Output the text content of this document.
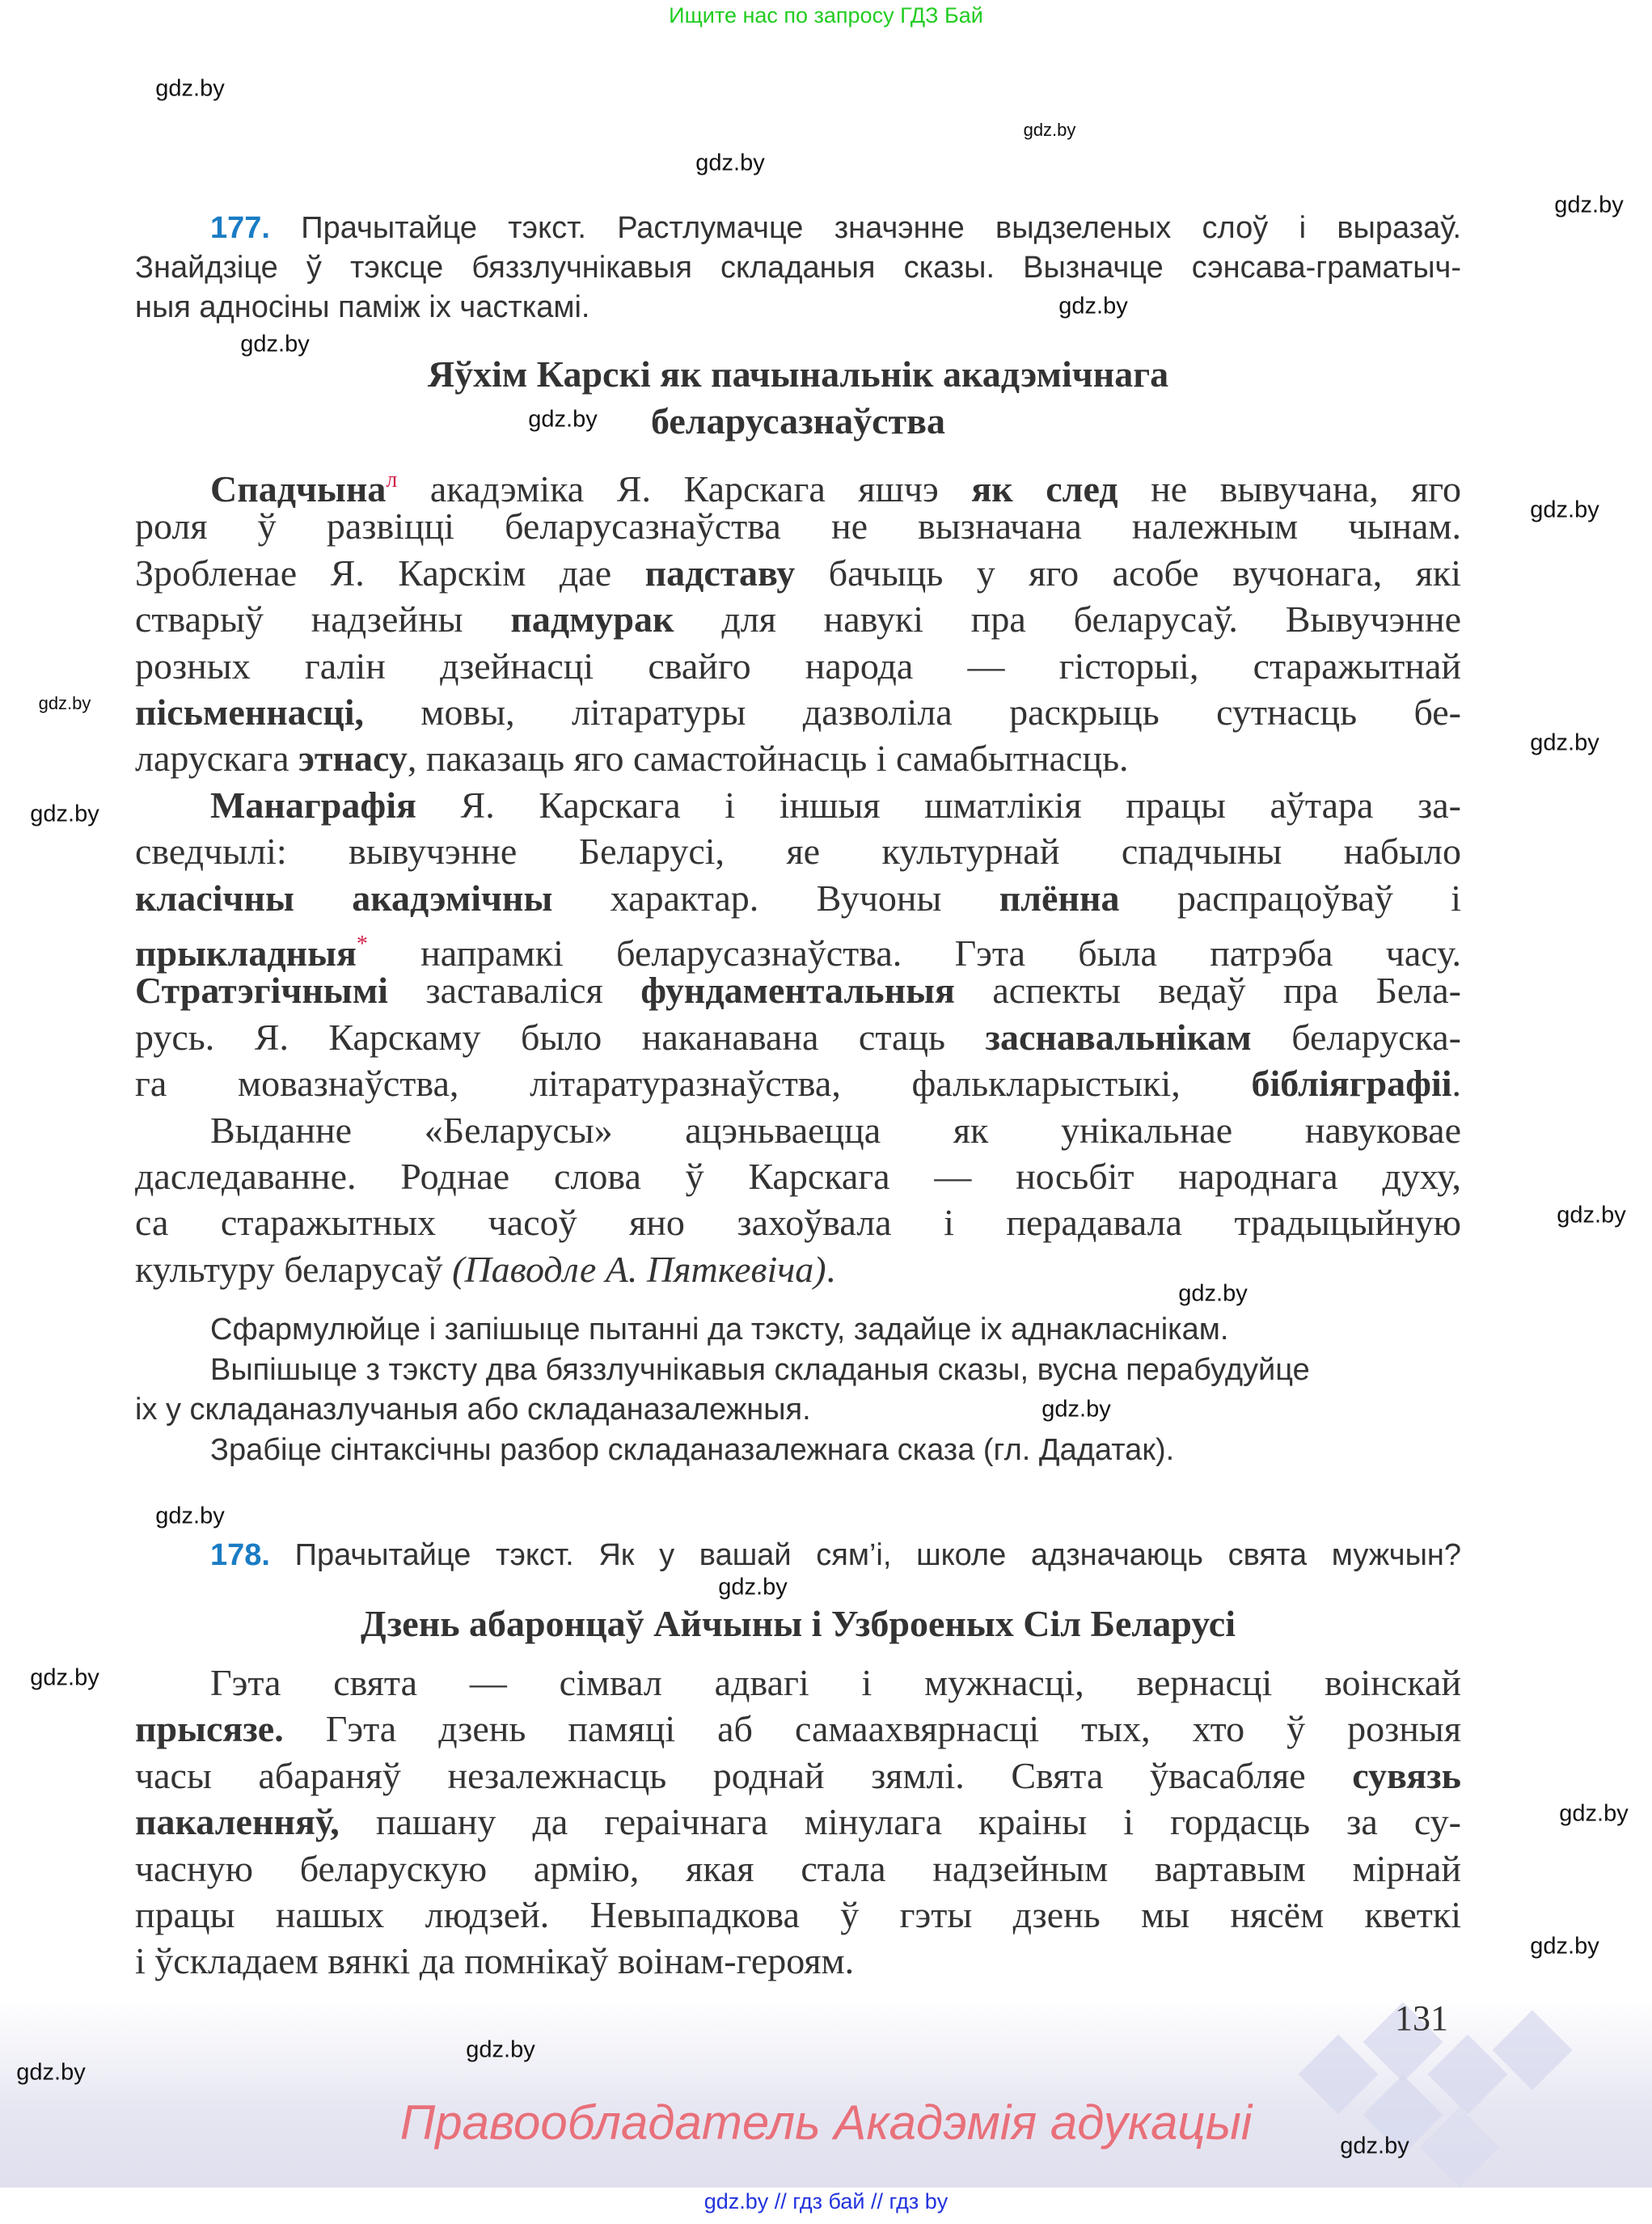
Ищите нас по запросу ГДЗ Бай
177. Прачытайце тэкст. Растлумачце значэнне выдзеленых слоў і выразаў.
Знайдзіце ў тэксце бяззлучнікавыя складаныя сказы. Вызначце сэнсава-граматыч-
ныя адносіны паміж іх часткамі.
Яўхім Карскі як пачынальнік акадэмічнага
беларусазнаўства
Спадчына$^л$ акадэміка Я. Карскага яшчэ як след не вывучана, яго
роля ў развіцці беларусазнаўства не вызначана належным чынам.
Зробленае Я. Карскім дае падставу бачыць у яго асобе вучонага, які
стварыў надзейны падмурак для навукі пра беларусаў. Вывучэнне
розных галін дзейнасці свайго народа — гісторыі, старажытнай
пісьменнасці, мовы, літаратуры дазволіла раскрыць сутнасць бе-
ларускага этнасу, паказаць яго самастойнасць і самабытнасць.
Манаграфія Я. Карскага і іншыя шматлікія працы аўтара за-
сведчылі: вывучэнне Беларусі, яе культурнай спадчыны набыло
класічны акадэмічны характар. Вучоны плённа распрацоўваў і
прыкладныя* напрамкі беларусазнаўства. Гэта была патрэба часу.
Стратэгічнымі заставаліся фундаментальныя аспекты ведаў пра Бела-
русь. Я. Карскаму было наканавана стаць заснавальнікам беларуска-
га мовазнаўства, літаратуразнаўства, фалькларыстыкі, бібліяграфіі.
Выданне «Беларусы» ацэньваецца як унікальнае навуковае
даследаванне. Роднае слова ў Карскага — носьбіт народнага духу,
са старажытных часоў яно захоўвала і перадавала традыцыйную
культуру беларусаў (Паводле А. Пяткевіча).
Сфармулюйце і запішыце пытанні да тэксту, задайце іх аднакласнікам.
Выпішыце з тэксту два бяззлучнікавыя складаныя сказы, вусна перабудуйце
іх у складаназлучаныя або складаназалежныя.
Зрабіце сінтаксічны разбор складаназалежнага сказа (гл. Дадатак).
178. Прачытайце тэкст. Як у вашай сям’і, школе адзначаюць свята мужчын?
Дзень абаронцаў Айчыны і Узброеных Сіл Беларусі
Гэта свята — сімвал адвагі і мужнасці, вернасці воінскай
прысязе. Гэта дзень памяці аб самаахвярнасці тых, хто ў розныя
часы абараняў незалежнасць роднай зямлі. Свята ўвасабляе сувязь
пакаленняў, пашану да гераічнага мінулага краіны і гордасць за су-
часную беларускую армію, якая стала надзейным вартавым мірнай
працы нашых людзей. Невыпадкова ў гэты дзень мы нясём кветкі
і ўскладаем вянкі да помнікаў воінам-героям.
131
Правообладатель Акадэмія адукацыі
gdz.by // гдз бай // гдз by
gdz.by
gdz.by
gdz.by
gdz.by
gdz.by
gdz.by
gdz.by
gdz.by
gdz.by
gdz.by
gdz.by
gdz.by
gdz.by
gdz.by
gdz.by
gdz.by
gdz.by
gdz.by
gdz.by
gdz.by
gdz.by
gdz.by
